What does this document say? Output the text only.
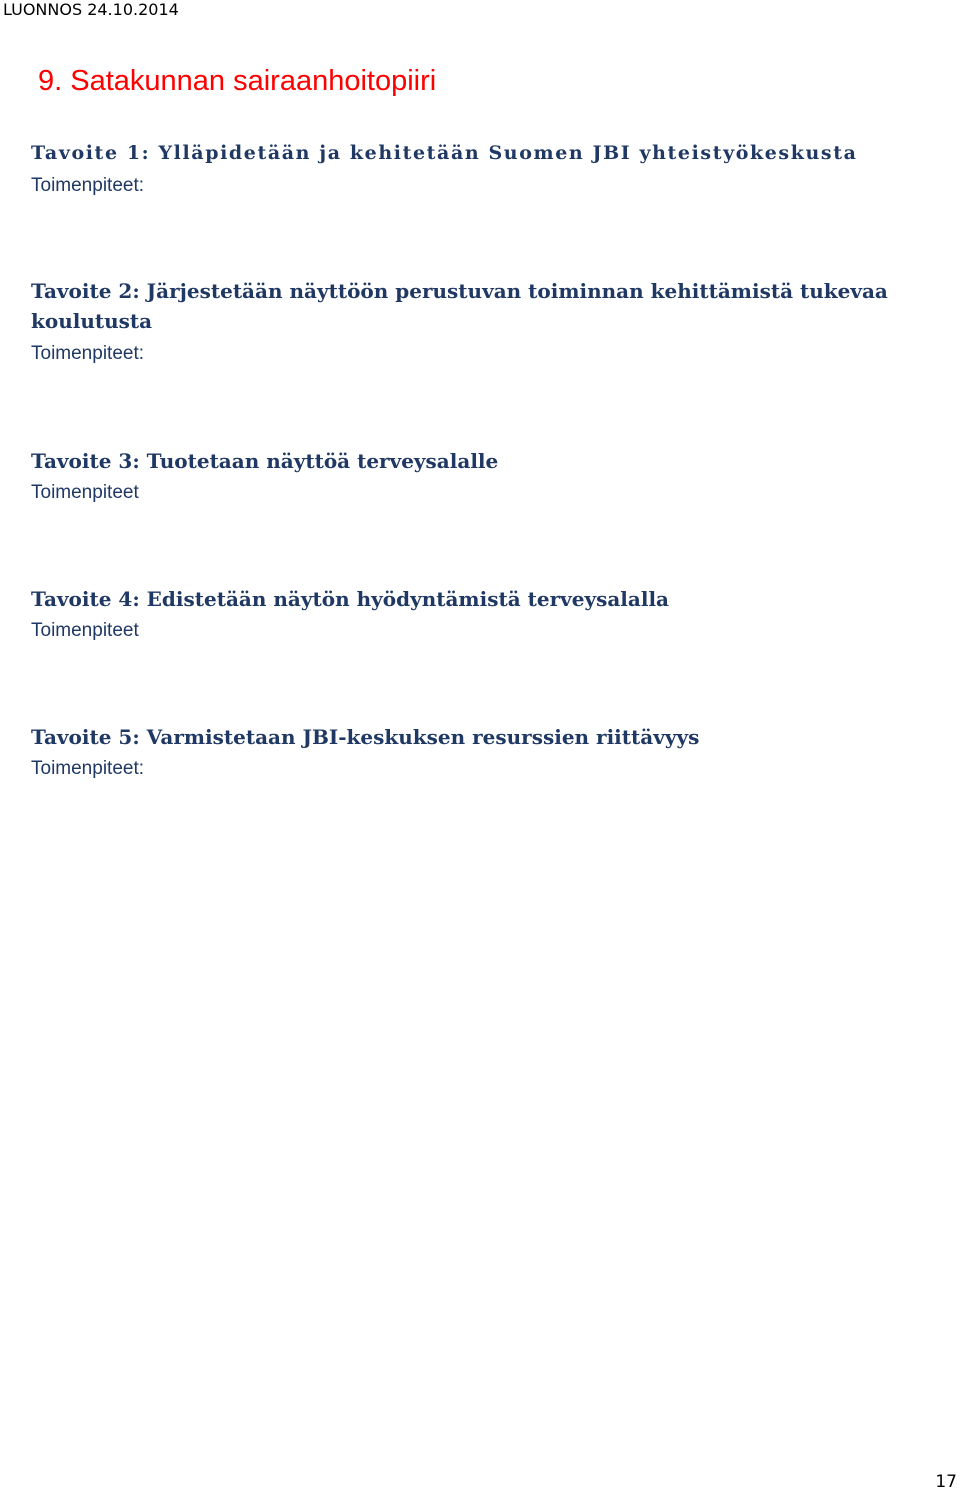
LUONNOS 24.10.2014

9. Satakunnan sairaanhoitopiiri
Tavoite 1: Ylläpidetään ja kehitetään Suomen JBI yhteistyökeskusta

Toimenpiteet:

Tavoite 2: Järjestetään näyttöön perustuvan toiminnan kehittämistä tukevaa koulutusta

Toimenpiteet:

Tavoite 3: Tuotetaan näyttöä terveysalalle

Toimenpiteet

Tavoite 4: Edistetään näytön hyödyntämistä terveysalalla

Toimenpiteet

Tavoite 5: Varmistetaan JBI-keskuksen resurssien riittävyys

Toimenpiteet:

17
